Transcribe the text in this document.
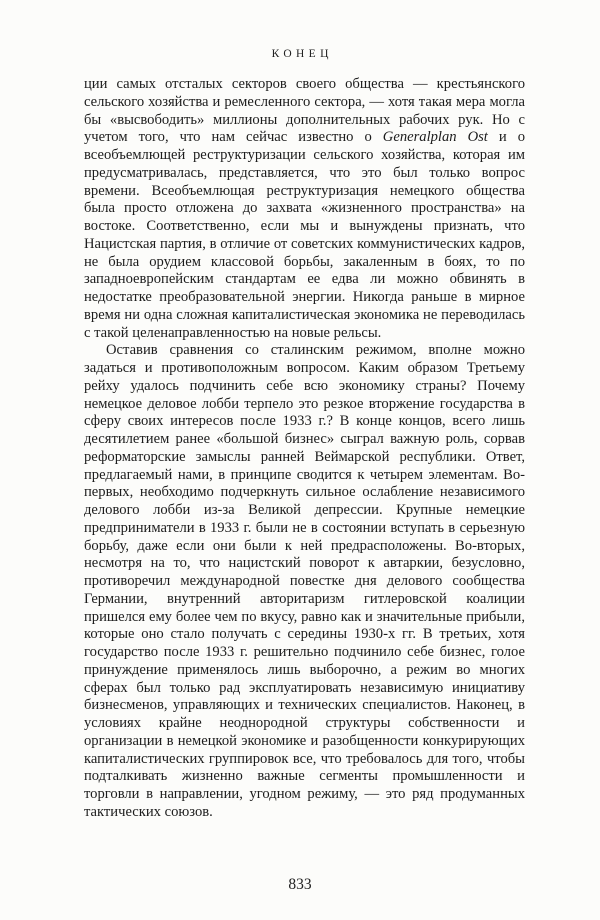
КОНЕЦ

ции самых отсталых секторов своего общества — крестьянского сельского хозяйства и ремесленного сектора, — хотя такая мера могла бы «высвободить» миллионы дополнительных рабочих рук. Но с учетом того, что нам сейчас известно о Generalplan Ost и о всеобъемлющей реструктуризации сельского хозяйства, которая им предусматривалась, представляется, что это был только вопрос времени. Всеобъемлющая реструктуризация немецкого общества была просто отложена до захвата «жизненного пространства» на востоке. Соответственно, если мы и вынуждены признать, что Нацистская партия, в отличие от советских коммунистических кадров, не была орудием классовой борьбы, закаленным в боях, то по западноевропейским стандартам ее едва ли можно обвинять в недостатке преобразовательной энергии. Никогда раньше в мирное время ни одна сложная капиталистическая экономика не переводилась с такой целенаправленностью на новые рельсы.

Оставив сравнения со сталинским режимом, вполне можно задаться и противоположным вопросом. Каким образом Третьему рейху удалось подчинить себе всю экономику страны? Почему немецкое деловое лобби терпело это резкое вторжение государства в сферу своих интересов после 1933 г.? В конце концов, всего лишь десятилетием ранее «большой бизнес» сыграл важную роль, сорвав реформаторские замыслы ранней Веймарской республики. Ответ, предлагаемый нами, в принципе сводится к четырем элементам. Во-первых, необходимо подчеркнуть сильное ослабление независимого делового лобби из-за Великой депрессии. Крупные немецкие предприниматели в 1933 г. были не в состоянии вступать в серьезную борьбу, даже если они были к ней предрасположены. Во-вторых, несмотря на то, что нацистский поворот к автаркии, безусловно, противоречил международной повестке дня делового сообщества Германии, внутренний авторитаризм гитлеровской коалиции пришелся ему более чем по вкусу, равно как и значительные прибыли, которые оно стало получать с середины 1930-х гг. В третьих, хотя государство после 1933 г. решительно подчинило себе бизнес, голое принуждение применялось лишь выборочно, а режим во многих сферах был только рад эксплуатировать независимую инициативу бизнесменов, управляющих и технических специалистов. Наконец, в условиях крайне неоднородной структуры собственности и организации в немецкой экономике и разобщенности конкурирующих капиталистических группировок все, что требовалось для того, чтобы подталкивать жизненно важные сегменты промышленности и торговли в направлении, угодном режиму, — это ряд продуманных тактических союзов.

833
